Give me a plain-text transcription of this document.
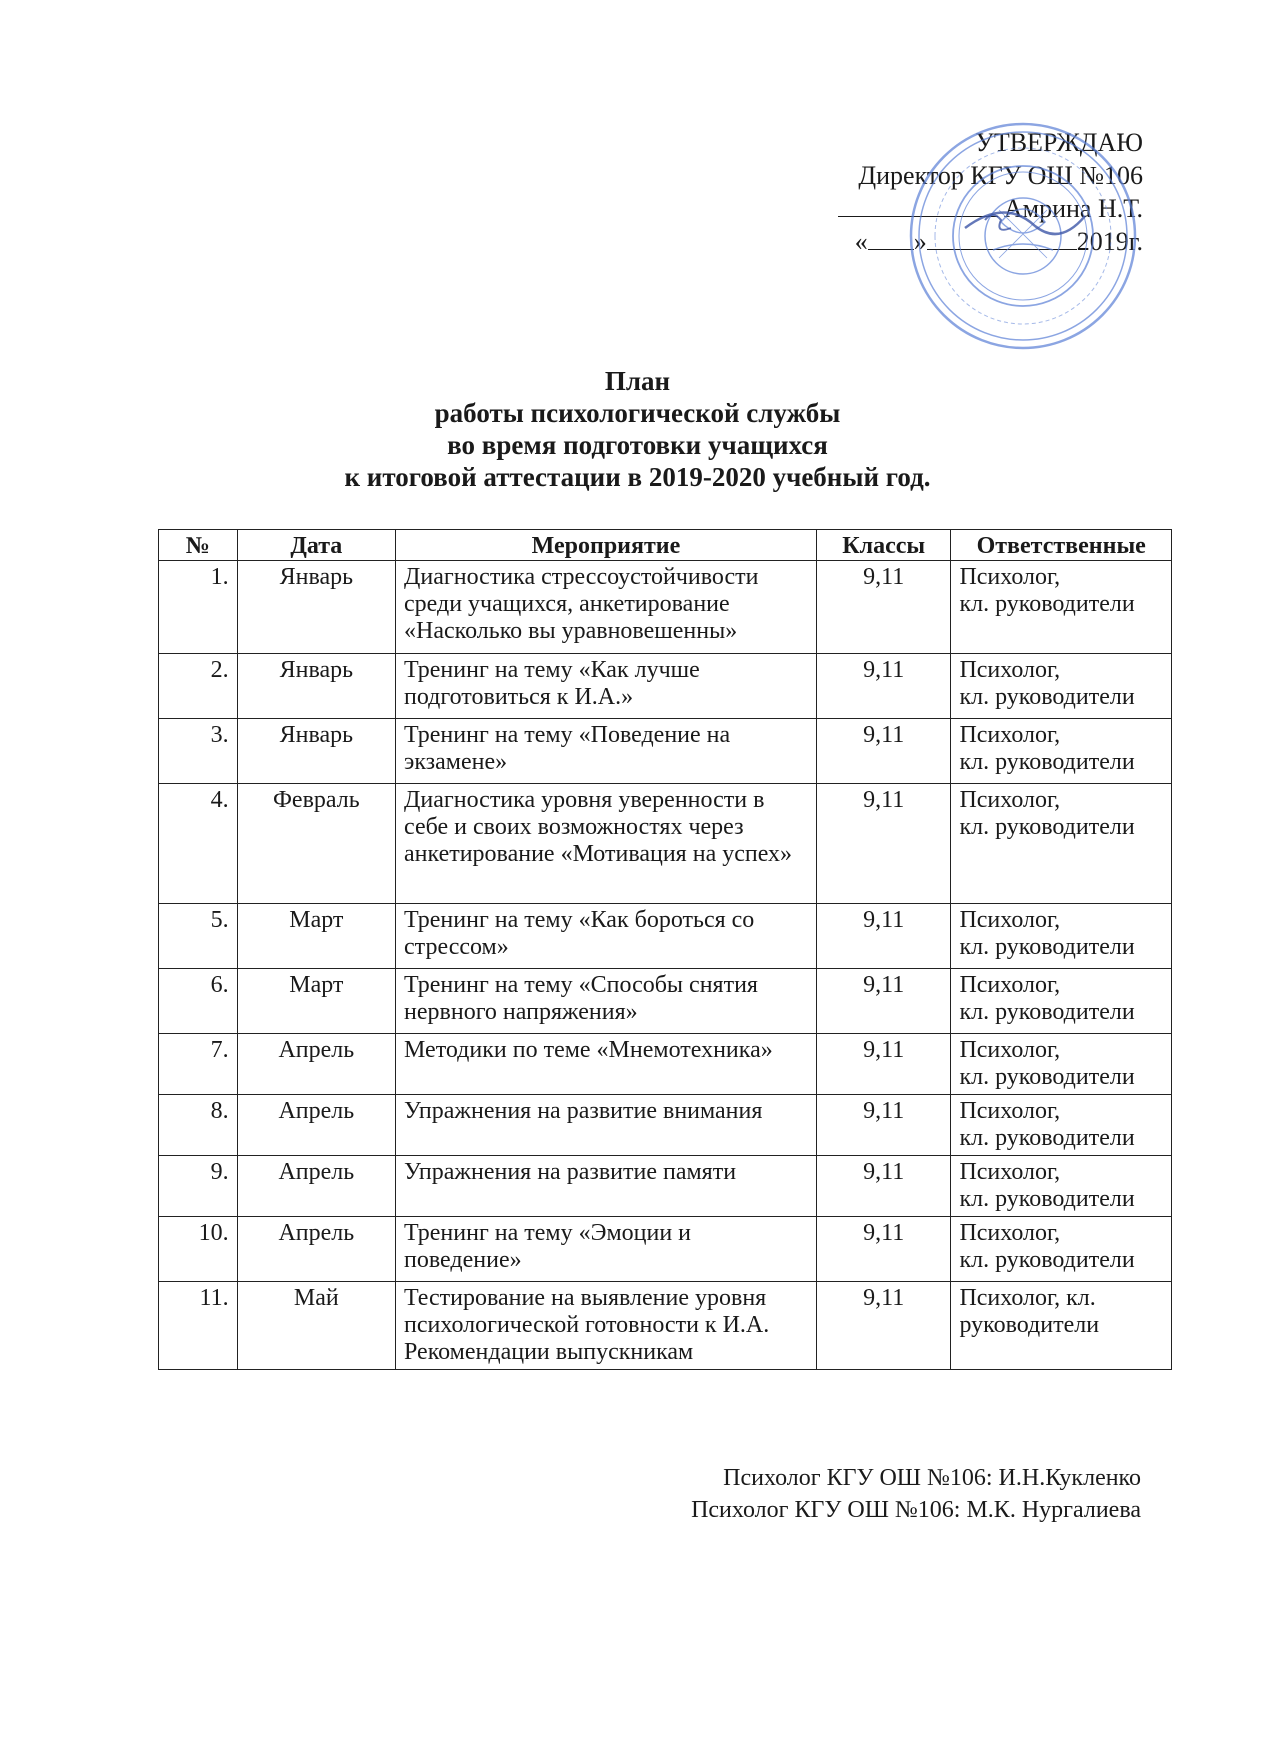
УТВЕРЖДАЮ
Директор КГУ ОШ №106
Амрина Н.Т.
« »	2019г.
План
работы психологической службы
во время подготовки учащихся
к итоговой аттестации в 2019-2020 учебный год.
№	Дата	Мероприятие	Классы	Ответственные
1.	Январь	Диагностика стрессоустойчивости среди учащихся, анкетирование «Насколько вы уравновешенны»	9,11	Психолог,
кл. руководители
2.	Январь	Тренинг на тему «Как лучше подготовиться к И.А.»	9,11	Психолог,
кл. руководители
3.	Январь	Тренинг на тему «Поведение на экзамене»	9,11	Психолог,
кл. руководители
4.	Февраль	Диагностика уровня уверенности в себе и своих возможностях через анкетирование «Мотивация на успех»	9,11	Психолог,
кл. руководители
5.	Март	Тренинг на тему «Как бороться со стрессом»	9,11	Психолог,
кл. руководители
6.	Март	Тренинг на тему «Способы снятия нервного напряжения»	9,11	Психолог,
кл. руководители
7.	Апрель	Методики по теме «Мнемотехника»	9,11	Психолог,
кл. руководители
8.	Апрель	Упражнения на развитие внимания	9,11	Психолог,
кл. руководители
9.	Апрель	Упражнения на развитие памяти	9,11	Психолог,
кл. руководители
10.	Апрель	Тренинг на тему «Эмоции и поведение»	9,11	Психолог,
кл. руководители
11.	Май	Тестирование на выявление уровня психологической готовности к И.А. Рекомендации выпускникам	9,11	Психолог, кл.
руководители
Психолог КГУ ОШ №106: И.Н.Кукленко
Психолог КГУ ОШ №106: М.К. Нургалиева
